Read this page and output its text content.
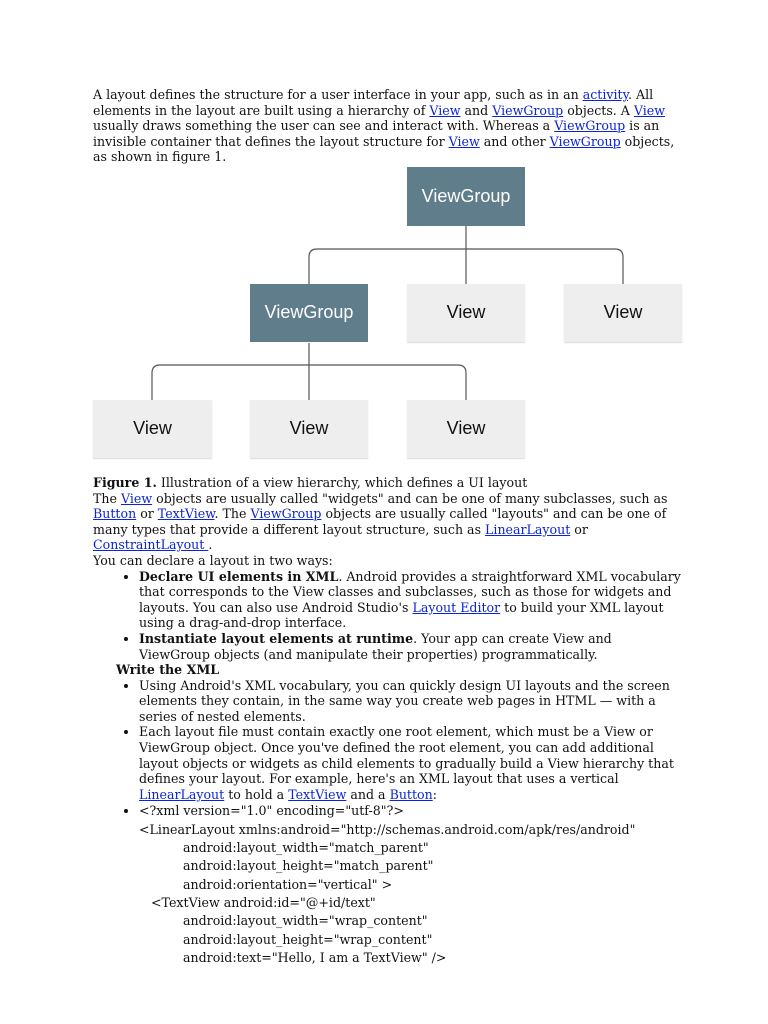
A layout defines the structure for a user interface in your app, such as in an activity. All elements in the layout are built using a hierarchy of View and ViewGroup objects. A View usually draws something the user can see and interact with. Whereas a ViewGroup is an invisible container that defines the layout structure for View and other ViewGroup objects, as shown in figure 1.

ViewGroup
ViewGroup	View	View
View	View	View

Figure 1. Illustration of a view hierarchy, which defines a UI layout

The View objects are usually called "widgets" and can be one of many subclasses, such as Button or TextView. The ViewGroup objects are usually called "layouts" and can be one of many types that provide a different layout structure, such as LinearLayout or ConstraintLayout .

You can declare a layout in two ways:

• Declare UI elements in XML. Android provides a straightforward XML vocabulary that corresponds to the View classes and subclasses, such as those for widgets and layouts. You can also use Android Studio's Layout Editor to build your XML layout using a drag-and-drop interface.
• Instantiate layout elements at runtime. Your app can create View and ViewGroup objects (and manipulate their properties) programmatically.

Write the XML

• Using Android's XML vocabulary, you can quickly design UI layouts and the screen elements they contain, in the same way you create web pages in HTML — with a series of nested elements.
• Each layout file must contain exactly one root element, which must be a View or ViewGroup object. Once you've defined the root element, you can add additional layout objects or widgets as child elements to gradually build a View hierarchy that defines your layout. For example, here's an XML layout that uses a vertical LinearLayout to hold a TextView and a Button:
• <?xml version="1.0" encoding="utf-8"?>
<LinearLayout xmlns:android="http://schemas.android.com/apk/res/android"
android:layout_width="match_parent"
android:layout_height="match_parent"
android:orientation="vertical" >
<TextView android:id="@+id/text"
android:layout_width="wrap_content"
android:layout_height="wrap_content"
android:text="Hello, I am a TextView" />
